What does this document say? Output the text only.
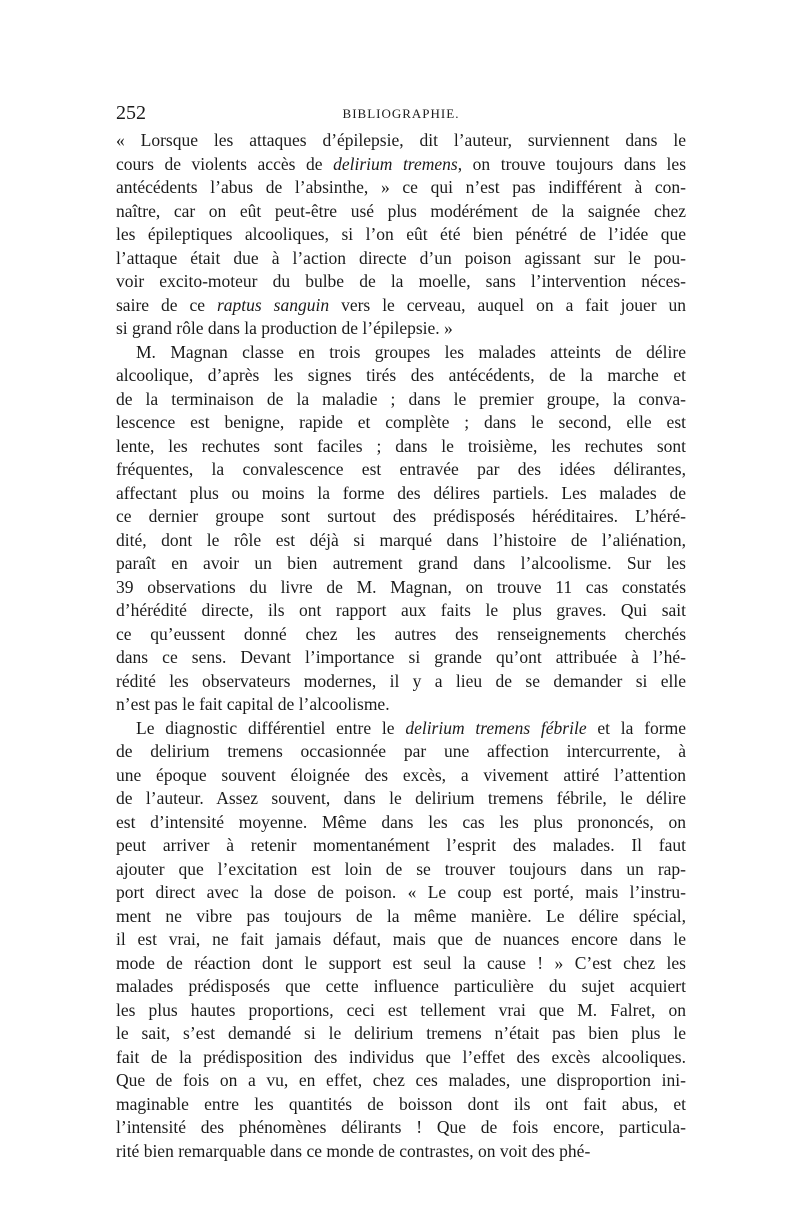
252	BIBLIOGRAPHIE.

« Lorsque les attaques d’épilepsie, dit l’auteur, surviennent dans le

cours de violents accès de delirium tremens, on trouve toujours dans les

antécédents l’abus de l’absinthe, » ce qui n’est pas indifférent à con-

naître, car on eût peut-être usé plus modérément de la saignée chez

les épileptiques alcooliques, si l’on eût été bien pénétré de l’idée que

l’attaque était due à l’action directe d’un poison agissant sur le pou-

voir excito-moteur du bulbe de la moelle, sans l’intervention néces-

saire de ce raptus sanguin vers le cerveau, auquel on a fait jouer un

si grand rôle dans la production de l’épilepsie. »

M. Magnan classe en trois groupes les malades atteints de délire

alcoolique, d’après les signes tirés des antécédents, de la marche et

de la terminaison de la maladie ; dans le premier groupe, la conva-

lescence est benigne, rapide et complète ; dans le second, elle est

lente, les rechutes sont faciles ; dans le troisième, les rechutes sont

fréquentes, la convalescence est entravée par des idées délirantes,

affectant plus ou moins la forme des délires partiels. Les malades de

ce dernier groupe sont surtout des prédisposés héréditaires. L’héré-

dité, dont le rôle est déjà si marqué dans l’histoire de l’aliénation,

paraît en avoir un bien autrement grand dans l’alcoolisme. Sur les

39 observations du livre de M. Magnan, on trouve 11 cas constatés

d’hérédité directe, ils ont rapport aux faits le plus graves. Qui sait

ce qu’eussent donné chez les autres des renseignements cherchés

dans ce sens. Devant l’importance si grande qu’ont attribuée à l’hé-

rédité les observateurs modernes, il y a lieu de se demander si elle

n’est pas le fait capital de l’alcoolisme.

Le diagnostic différentiel entre le delirium tremens fébrile et la forme

de delirium tremens occasionnée par une affection intercurrente, à

une époque souvent éloignée des excès, a vivement attiré l’attention

de l’auteur. Assez souvent, dans le delirium tremens fébrile, le délire

est d’intensité moyenne. Même dans les cas les plus prononcés, on

peut arriver à retenir momentanément l’esprit des malades. Il faut

ajouter que l’excitation est loin de se trouver toujours dans un rap-

port direct avec la dose de poison. « Le coup est porté, mais l’instru-

ment ne vibre pas toujours de la même manière. Le délire spécial,

il est vrai, ne fait jamais défaut, mais que de nuances encore dans le

mode de réaction dont le support est seul la cause ! » C’est chez les

malades prédisposés que cette influence particulière du sujet acquiert

les plus hautes proportions, ceci est tellement vrai que M. Falret, on

le sait, s’est demandé si le delirium tremens n’était pas bien plus le

fait de la prédisposition des individus que l’effet des excès alcooliques.

Que de fois on a vu, en effet, chez ces malades, une disproportion ini-

maginable entre les quantités de boisson dont ils ont fait abus, et

l’intensité des phénomènes délirants ! Que de fois encore, particula-

rité bien remarquable dans ce monde de contrastes, on voit des phé-
